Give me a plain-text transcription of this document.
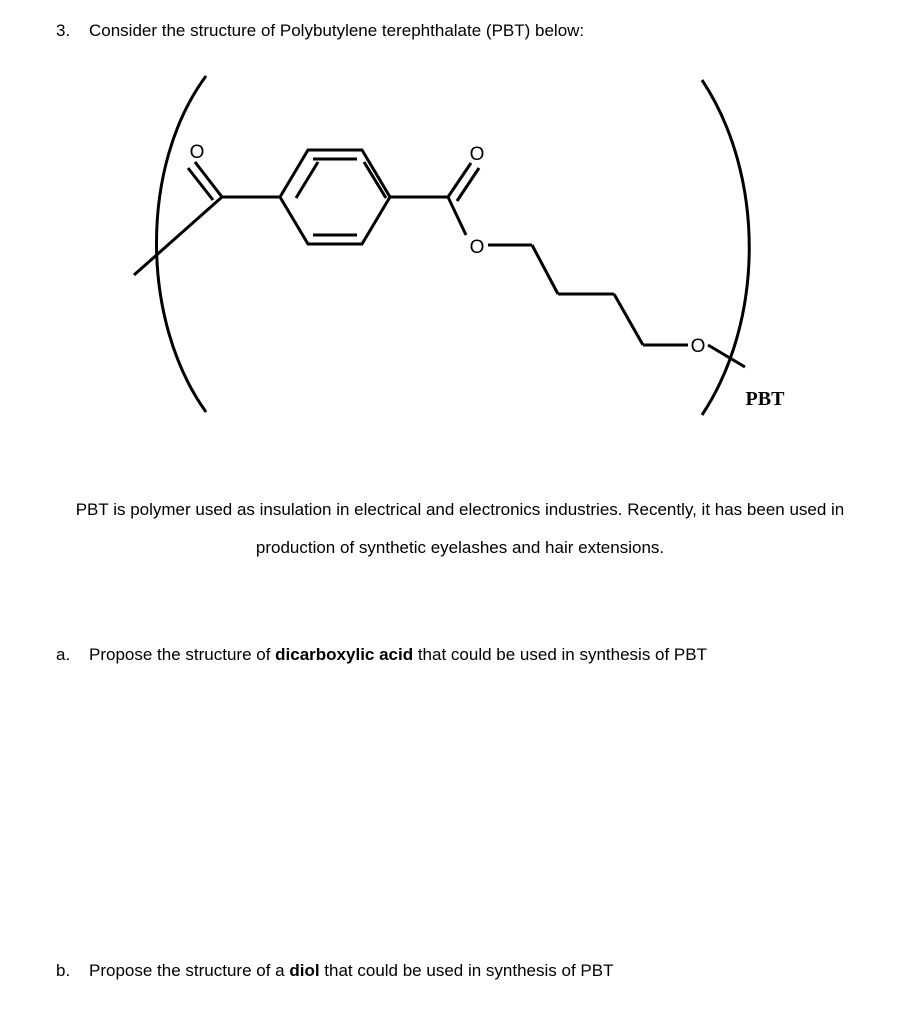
3. Consider the structure of Polybutylene terephthalate (PBT) below:
O	O
O
O
PBT
PBT is polymer used as insulation in electrical and electronics industries. Recently, it has been used in
production of synthetic eyelashes and hair extensions.
a. Propose the structure of dicarboxylic acid that could be used in synthesis of PBT
b. Propose the structure of a diol that could be used in synthesis of PBT
